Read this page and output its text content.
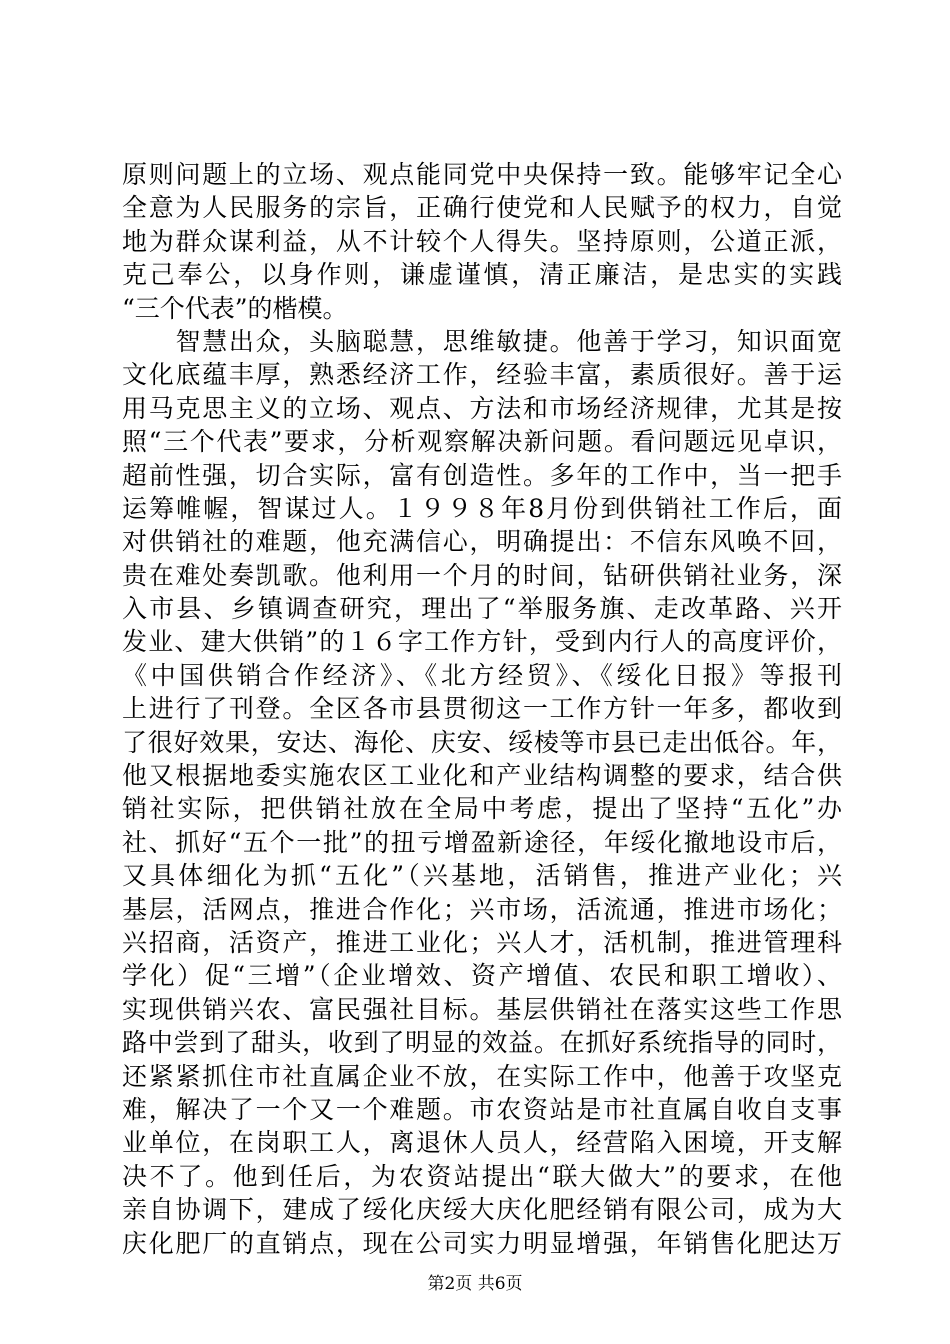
原则问题上的立场、观点能同党中央保持一致。能够牢记全心
全意为人民服务的宗旨，正确行使党和人民赋予的权力，自觉
地为群众谋利益，从不计较个人得失。坚持原则，公道正派，
克己奉公，以身作则，谦虚谨慎，清正廉洁，是忠实的实践
“三个代表”的楷模。
　　智慧出众，头脑聪慧，思维敏捷。他善于学习，知识面宽
文化底蕴丰厚，熟悉经济工作，经验丰富，素质很好。善于运
用马克思主义的立场、观点、方法和市场经济规律，尤其是按
照“三个代表”要求，分析观察解决新问题。看问题远见卓识，
超前性强，切合实际，富有创造性。多年的工作中，当一把手
运筹帷幄，智谋过人。１９９８年8月份到供销社工作后，面
对供销社的难题，他充满信心，明确提出：不信东风唤不回，
贵在难处奏凯歌。他利用一个月的时间，钻研供销社业务，深
入市县、乡镇调查研究，理出了“举服务旗、走改革路、兴开
发业、建大供销”的１６字工作方针，受到内行人的高度评价，
《中国供销合作经济》、《北方经贸》、《绥化日报》等报刊
上进行了刊登。全区各市县贯彻这一工作方针一年多，都收到
了很好效果，安达、海伦、庆安、绥棱等市县已走出低谷。年，
他又根据地委实施农区工业化和产业结构调整的要求，结合供
销社实际，把供销社放在全局中考虑，提出了坚持“五化”办
社、抓好“五个一批”的扭亏增盈新途径，年绥化撤地设市后，
又具体细化为抓“五化”（兴基地，活销售，推进产业化；兴
基层，活网点，推进合作化；兴市场，活流通，推进市场化；
兴招商，活资产，推进工业化；兴人才，活机制，推进管理科
学化）促“三增”（企业增效、资产增值、农民和职工增收）、
实现供销兴农、富民强社目标。基层供销社在落实这些工作思
路中尝到了甜头，收到了明显的效益。在抓好系统指导的同时，
还紧紧抓住市社直属企业不放，在实际工作中，他善于攻坚克
难，解决了一个又一个难题。市农资站是市社直属自收自支事
业单位，在岗职工人，离退休人员人，经营陷入困境，开支解
决不了。他到任后，为农资站提出“联大做大”的要求，在他
亲自协调下，建成了绥化庆绥大庆化肥经销有限公司，成为大
庆化肥厂的直销点，现在公司实力明显增强，年销售化肥达万
第2页 共6页
